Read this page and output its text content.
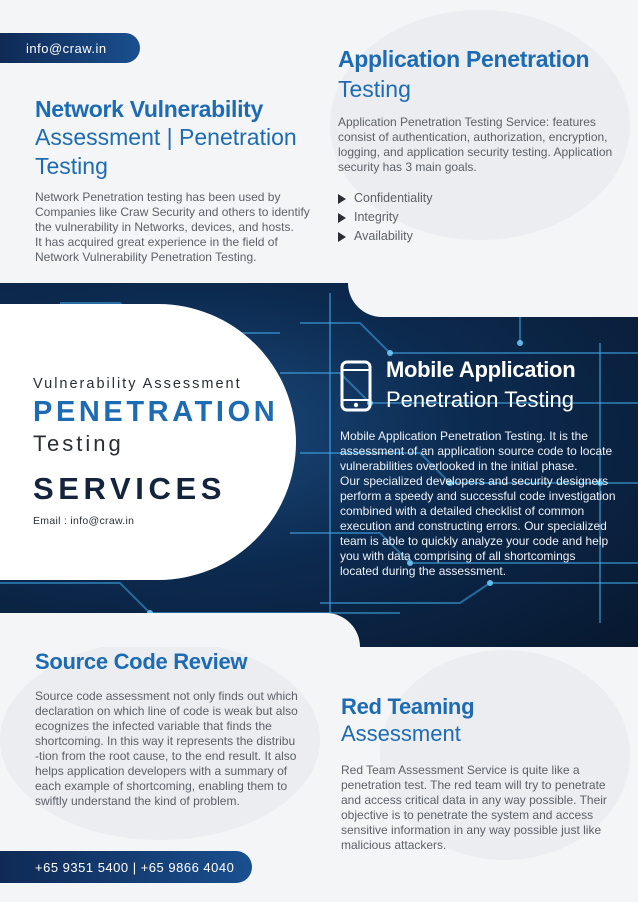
info@craw.in
Network Vulnerability
Assessment | Penetration
Testing
Network Penetration testing has been used by
Companies like Craw Security and others to identify
the vulnerability in Networks, devices, and hosts.
It has acquired great experience in the field of
Network Vulnerability Penetration Testing.
Application Penetration
Testing
Application Penetration Testing Service: features
consist of authentication, authorization, encryption,
logging, and application security testing. Application
security has 3 main goals.
Confidentiality
Integrity
Availability
Vulnerability Assessment
PENETRATION
Testing
SERVICES
Email : info@craw.in
Mobile Application
Penetration Testing
Mobile Application Penetration Testing. It is the
assessment of an application source code to locate
vulnerabilities overlooked in the initial phase.
Our specialized developers and security designers
perform a speedy and successful code investigation
combined with a detailed checklist of common
execution and constructing errors. Our specialized
team is able to quickly analyze your code and help
you with data comprising of all shortcomings
located during the assessment.
Source Code Review
Source code assessment not only finds out which
declaration on which line of code is weak but also
ecognizes the infected variable that finds the
shortcoming. In this way it represents the distribu
-tion from the root cause, to the end result. It also
helps application developers with a summary of
each example of shortcoming, enabling them to
swiftly understand the kind of problem.
Red Teaming
Assessment
Red Team Assessment Service is quite like a
penetration test. The red team will try to penetrate
and access critical data in any way possible. Their
objective is to penetrate the system and access
sensitive information in any way possible just like
malicious attackers.
+65 9351 5400 | +65 9866 4040
